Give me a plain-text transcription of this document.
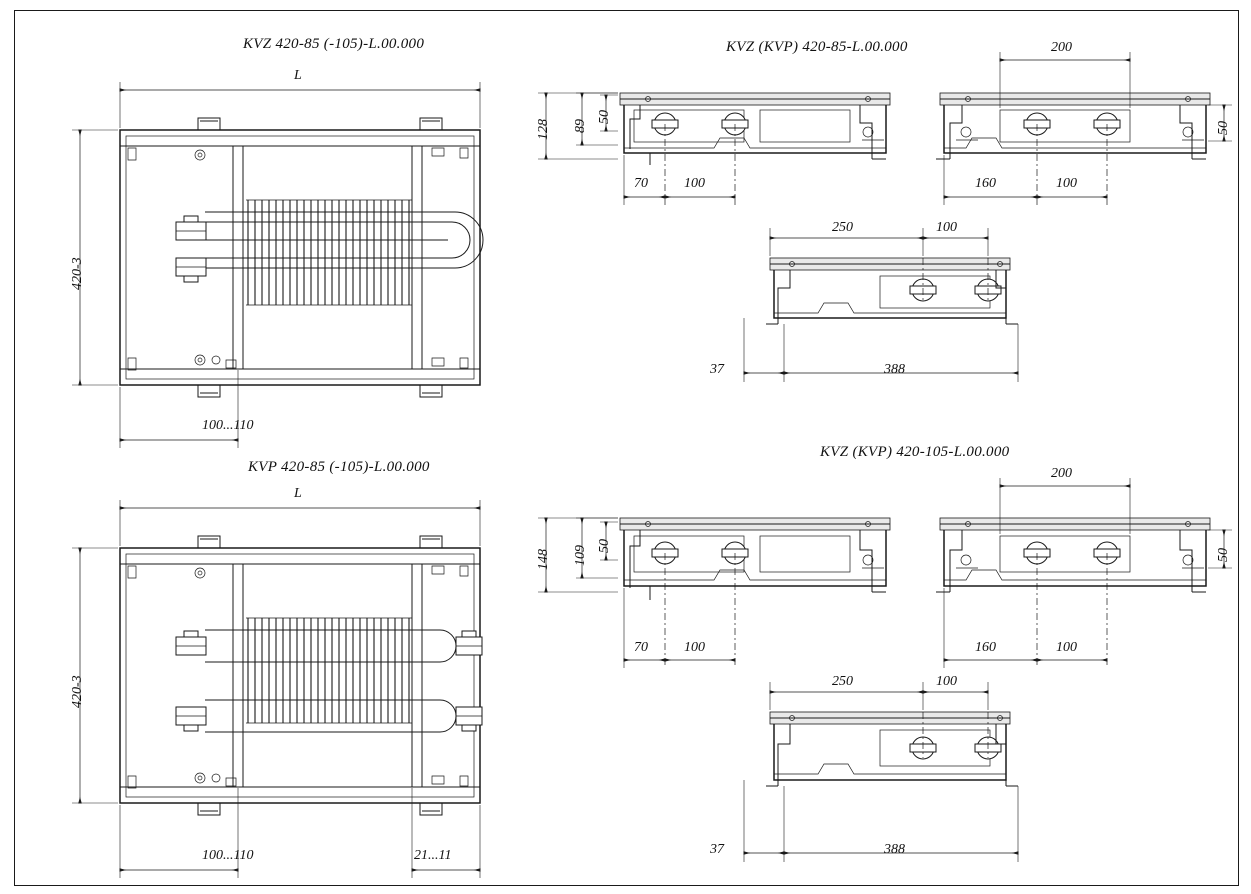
KVZ 420-85 (-105)-L.00.000	KVZ (KVP) 420-85-L.00.000
KVP 420-85 (-105)-L.00.000
KVZ (KVP) 420-105-L.00.000
L
420-3
100...110
L
420-3
100...110	21...11
128 89
50
70	100
200
50
160	100
250	100
37	388
148 109 50
70	100
200
50
160	100
250	100
37	388
